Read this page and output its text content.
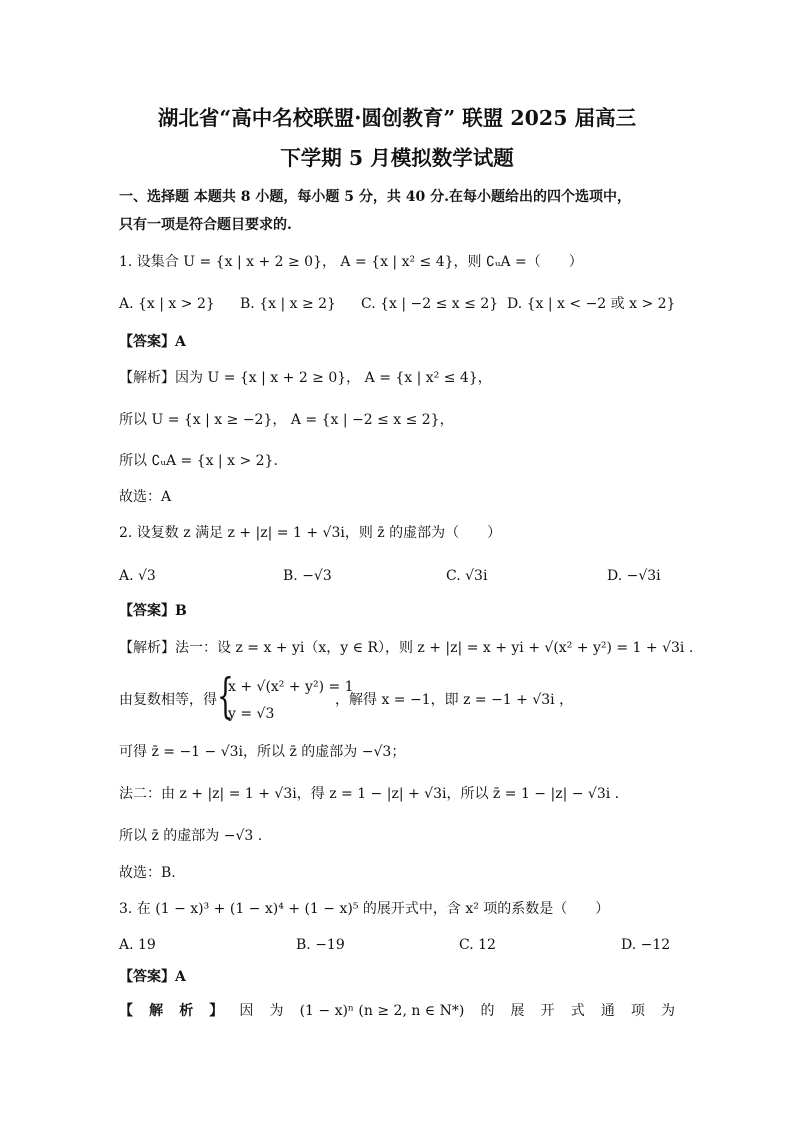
湖北省“高中名校联盟·圆创教育” 联盟 2025 届高三
下学期 5 月模拟数学试题
一、选择题 本题共 8 小题，每小题 5 分，共 40 分.在每小题给出的四个选项中，
只有一项是符合题目要求的.
1. 设集合 U = {x | x + 2 ≥ 0}， A = {x | x² ≤ 4}，则 ∁ᵤA =（　　）
A. {x | x > 2} B. {x | x ≥ 2} C. {x | −2 ≤ x ≤ 2} D. {x | x < −2 或 x > 2}
【答案】A
【解析】因为 U = {x | x + 2 ≥ 0}， A = {x | x² ≤ 4}，
所以 U = {x | x ≥ −2}， A = {x | −2 ≤ x ≤ 2}，
所以 ∁ᵤA = {x | x > 2}.
故选：A
2. 设复数 z 满足 z + |z| = 1 + √3i，则 z̄ 的虚部为（　　）
A. √3	B. −√3	C. √3i	D. −√3i
【答案】B
【解析】法一：设 z = x + yi（x，y ∈ R），则 z + |z| = x + yi + √(x² + y²) = 1 + √3i .
由复数相等，得 {
x + √(x² + y²) = 1
y = √3
，解得 x = −1，即 z = −1 + √3i ，
可得 z̄ = −1 − √3i，所以 z̄ 的虚部为 −√3；
法二：由 z + |z| = 1 + √3i，得 z = 1 − |z| + √3i，所以 z̄ = 1 − |z| − √3i .
所以 z̄ 的虚部为 −√3 .
故选：B.
3. 在 (1 − x)³ + (1 − x)⁴ + (1 − x)⁵ 的展开式中，含 x² 项的系数是（　　）
A. 19	B. −19	C. 12	D. −12
【答案】A
【 解 析 】 因 为 (1 − x)ⁿ (n ≥ 2, n ∈ N*) 的 展 开 式 通 项 为
